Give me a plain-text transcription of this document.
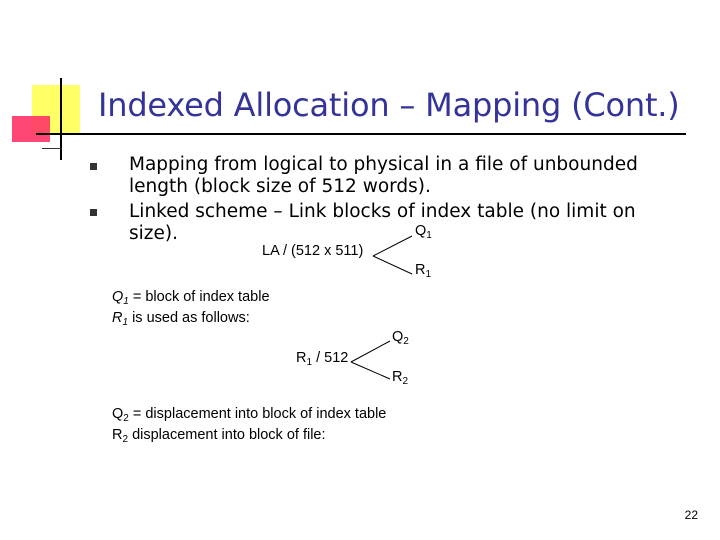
Indexed Allocation – Mapping (Cont.)
Mapping from logical to physical in a file of unbounded
length (block size of 512 words).
Linked scheme – Link blocks of index table (no limit on
size).
LA / (512 x 511)
$Q_1$
$R_1$
$Q_1$ = block of index table
$R_1$ is used as follows:
$R_1 / 512$
$Q_2$
$R_2$
$Q_2$ = displacement into block of index table
$R_2$ displacement into block of file:
22
